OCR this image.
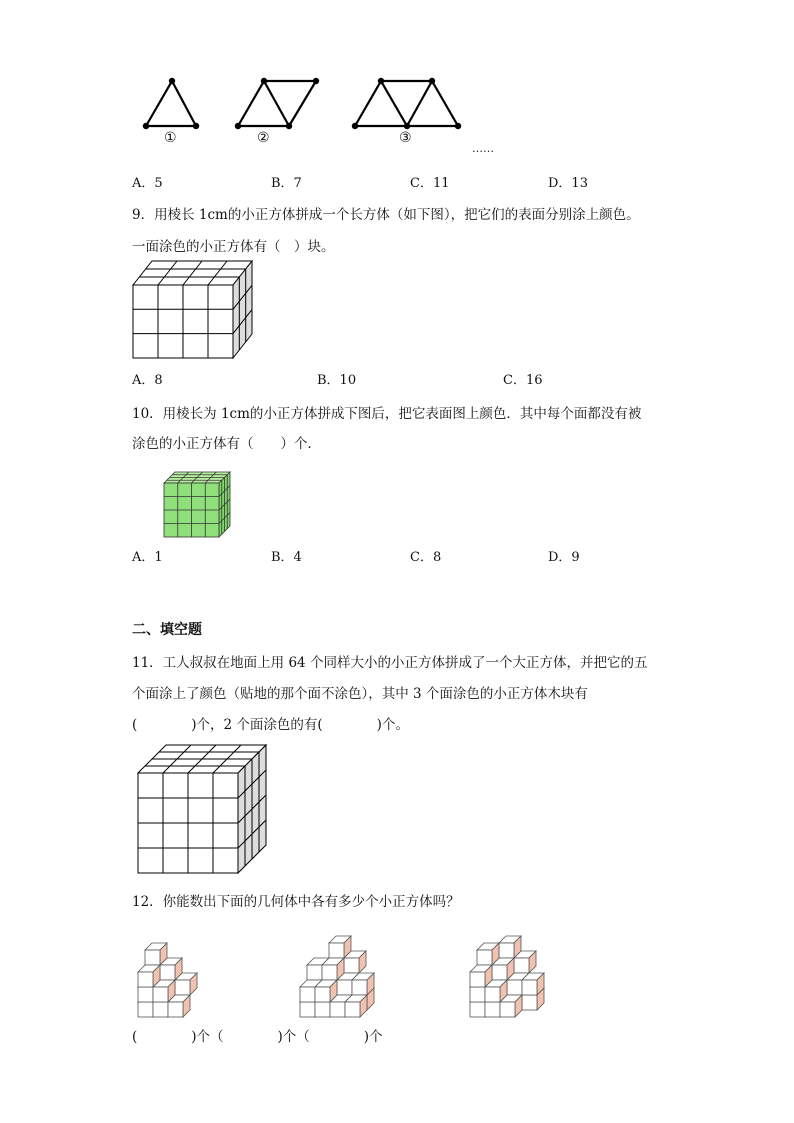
①	②	③
……
A．5	B．7	C．11	D．13
9．用棱长 1cm的小正方体拼成一个长方体（如下图），把它们的表面分别涂上颜色。
一面涂色的小正方体有（　）块。
A．8	B．10	C．16
10．用棱长为 1cm的小正方体拼成下图后，把它表面图上颜色．其中每个面都没有被
涂色的小正方体有（　　）个．
A．1	B．4	C．8	D．9
二、填空题
11．工人叔叔在地面上用 64 个同样大小的小正方体拼成了一个大正方体，并把它的五
个面涂上了颜色（贴地的那个面不涂色），其中 3 个面涂色的小正方体木块有
(　　　　)个，2 个面涂色的有(　　　　)个。
12．你能数出下面的几何体中各有多少个小正方体吗？
(　　　　)个（　　　　)个（　　　　)个
